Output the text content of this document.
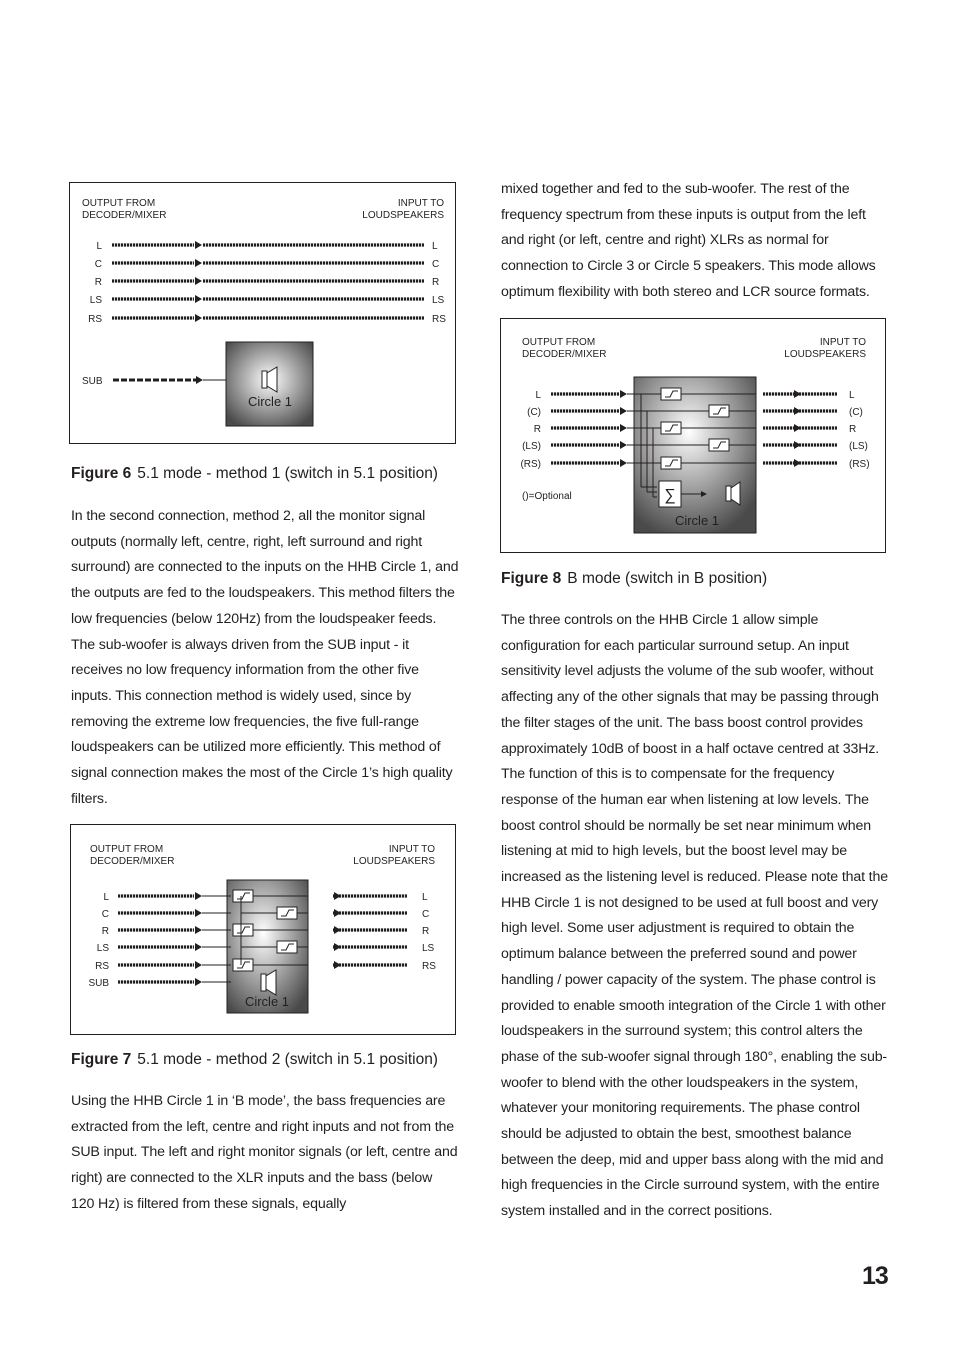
OUTPUT FROM
DECODER/MIXER
INPUT TO
LOUDSPEAKERS
L	L
C	C
R	R
LS	LS
RS	RS
SUB
Circle 1
Figure 6 5.1 mode - method 1 (switch in 5.1 position)

In the second connection, method 2, all the monitor signal outputs (normally left, centre, right, left surround and right surround) are connected to the inputs on the HHB Circle 1, and the outputs are fed to the loudspeakers. This method filters the low frequencies (below 120Hz) from the loudspeaker feeds. The sub-woofer is always driven from the SUB input - it receives no low frequency information from the other five inputs. This connection method is widely used, since by removing the extreme low frequencies, the five full-range loudspeakers can be utilized more efficiently. This method of signal connection makes the most of the Circle 1’s high quality filters.

OUTPUT FROM
DECODER/MIXER
INPUT TO
LOUDSPEAKERS
L
C
R
LS
RS
SUB
L
C
R
LS
RS
Circle 1
Figure 7 5.1 mode - method 2 (switch in 5.1 position)

Using the HHB Circle 1 in ‘B mode’, the bass frequencies are extracted from the left, centre and right inputs and not from the SUB input. The left and right monitor signals (or left, centre and right) are connected to the XLR inputs and the bass (below 120 Hz) is filtered from these signals, equally

mixed together and fed to the sub-woofer. The rest of the frequency spectrum from these inputs is output from the left and right (or left, centre and right) XLRs as normal for connection to Circle 3 or Circle 5 speakers. This mode allows optimum flexibility with both stereo and LCR source formats.

OUTPUT FROM
DECODER/MIXER
INPUT TO
LOUDSPEAKERS
L	L
(C)	(C)
R	R
(LS)	(LS)
(RS)	(RS)
()=Optional	∑
Circle 1
Figure 8 B mode (switch in B position)

The three controls on the HHB Circle 1 allow simple configuration for each particular surround setup. An input sensitivity level adjusts the volume of the sub woofer, without affecting any of the other signals that may be passing through the filter stages of the unit. The bass boost control provides approximately 10dB of boost in a half octave centred at 33Hz. The function of this is to compensate for the frequency response of the human ear when listening at low levels. The boost control should be normally be set near minimum when listening at mid to high levels, but the boost level may be increased as the listening level is reduced. Please note that the HHB Circle 1 is not designed to be used at full boost and very high level. Some user adjustment is required to obtain the optimum balance between the preferred sound and power handling / power capacity of the system. The phase control is provided to enable smooth integration of the Circle 1 with other loudspeakers in the surround system; this control alters the phase of the sub-woofer signal through 180°, enabling the sub-woofer to blend with the other loudspeakers in the system, whatever your monitoring requirements. The phase control should be adjusted to obtain the best, smoothest balance between the deep, mid and upper bass along with the mid and high frequencies in the Circle surround system, with the entire system installed and in the correct positions.

13
